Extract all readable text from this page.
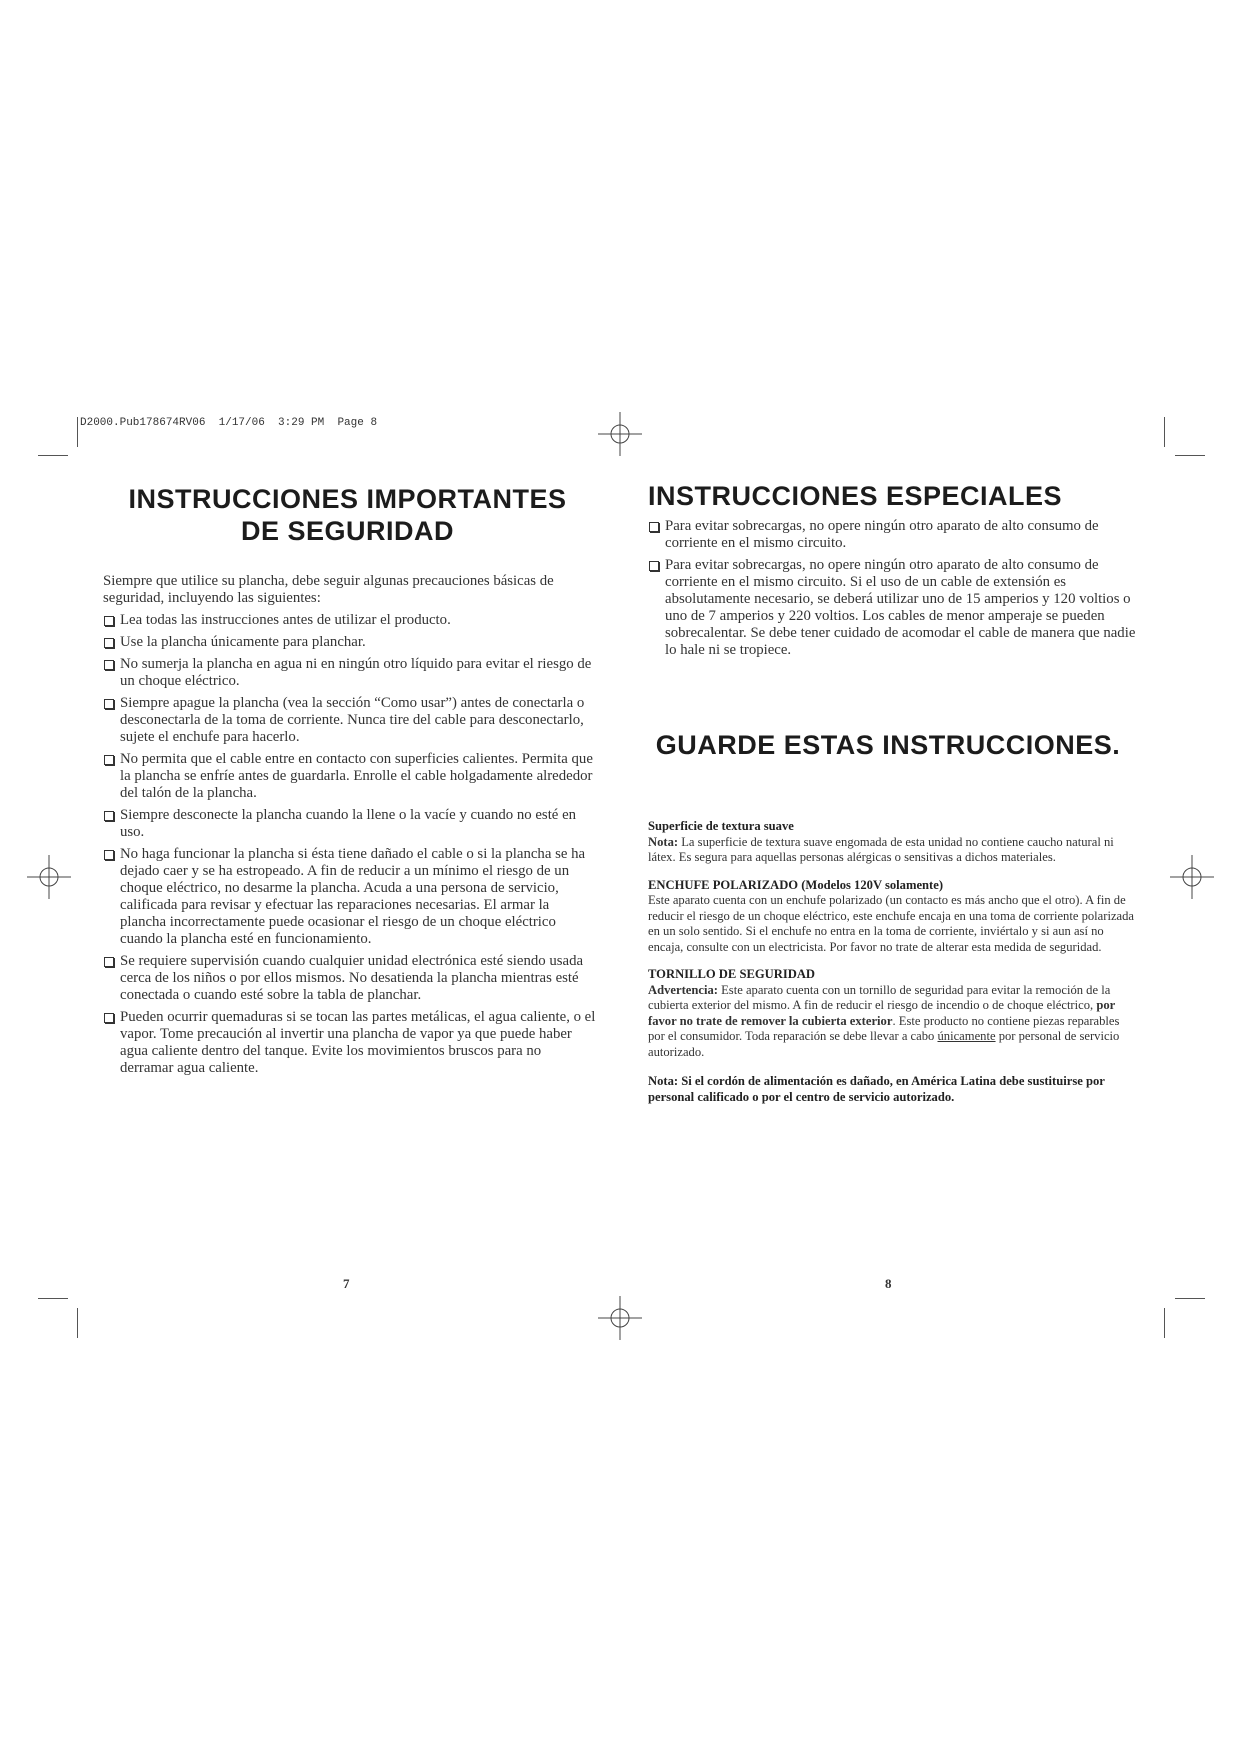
D2000.Pub178674RV06  1/17/06  3:29 PM  Page 8
INSTRUCCIONES IMPORTANTES
DE SEGURIDAD

Siempre que utilice su plancha, debe seguir algunas precauciones básicas de seguridad, incluyendo las siguientes:

Lea todas las instrucciones antes de utilizar el producto.
Use la plancha únicamente para planchar.
No sumerja la plancha en agua ni en ningún otro líquido para evitar el riesgo de un choque eléctrico.
Siempre apague la plancha (vea la sección “Como usar”) antes de conectarla o desconectarla de la toma de corriente. Nunca tire del cable para desconectarlo, sujete el enchufe para hacerlo.
No permita que el cable entre en contacto con superficies calientes. Permita que la plancha se enfríe antes de guardarla. Enrolle el cable holgadamente alrededor del talón de la plancha.
Siempre desconecte la plancha cuando la llene o la vacíe y cuando no esté en uso.
No haga funcionar la plancha si ésta tiene dañado el cable o si la plancha se ha dejado caer y se ha estropeado. A fin de reducir a un mínimo el riesgo de un choque eléctrico, no desarme la plancha. Acuda a una persona de servicio, calificada para revisar y efectuar las reparaciones necesarias. El armar la plancha incorrectamente puede ocasionar el riesgo de un choque eléctrico cuando la plancha esté en funcionamiento.
Se requiere supervisión cuando cualquier unidad electrónica esté siendo usada cerca de los niños o por ellos mismos. No desatienda la plancha mientras esté conectada o cuando esté sobre la tabla de planchar.
Pueden ocurrir quemaduras si se tocan las partes metálicas, el agua caliente, o el vapor. Tome precaución al invertir una plancha de vapor ya que puede haber agua caliente dentro del tanque. Evite los movimientos bruscos para no derramar agua caliente.
7
INSTRUCCIONES ESPECIALES
Para evitar sobrecargas, no opere ningún otro aparato de alto consumo de corriente en el mismo circuito.
Para evitar sobrecargas, no opere ningún otro aparato de alto consumo de corriente en el mismo circuito. Si el uso de un cable de extensión es absolutamente necesario, se deberá utilizar uno de 15 amperios y 120 voltios o uno de 7 amperios y 220 voltios. Los cables de menor amperaje se pueden sobrecalentar. Se debe tener cuidado de acomodar el cable de manera que nadie lo hale ni se tropiece.
GUARDE ESTAS INSTRUCCIONES.

Superficie de textura suave

Nota: La superficie de textura suave engomada de esta unidad no contiene caucho natural ni látex. Es segura para aquellas personas alérgicas o sensitivas a dichos materiales.

ENCHUFE POLARIZADO (Modelos 120V solamente)

Este aparato cuenta con un enchufe polarizado (un contacto es más ancho que el otro). A fin de reducir el riesgo de un choque eléctrico, este enchufe encaja en una toma de corriente polarizada en un solo sentido. Si el enchufe no entra en la toma de corriente, inviértalo y si aun así no encaja, consulte con un electricista. Por favor no trate de alterar esta medida de seguridad.

TORNILLO DE SEGURIDAD

Advertencia: Este aparato cuenta con un tornillo de seguridad para evitar la remoción de la cubierta exterior del mismo. A fin de reducir el riesgo de incendio o de choque eléctrico, por favor no trate de remover la cubierta exterior. Este producto no contiene piezas reparables por el consumidor. Toda reparación se debe llevar a cabo únicamente por personal de servicio autorizado.

Nota: Si el cordón de alimentación es dañado, en América Latina debe sustituirse por personal calificado o por el centro de servicio autorizado.

8
